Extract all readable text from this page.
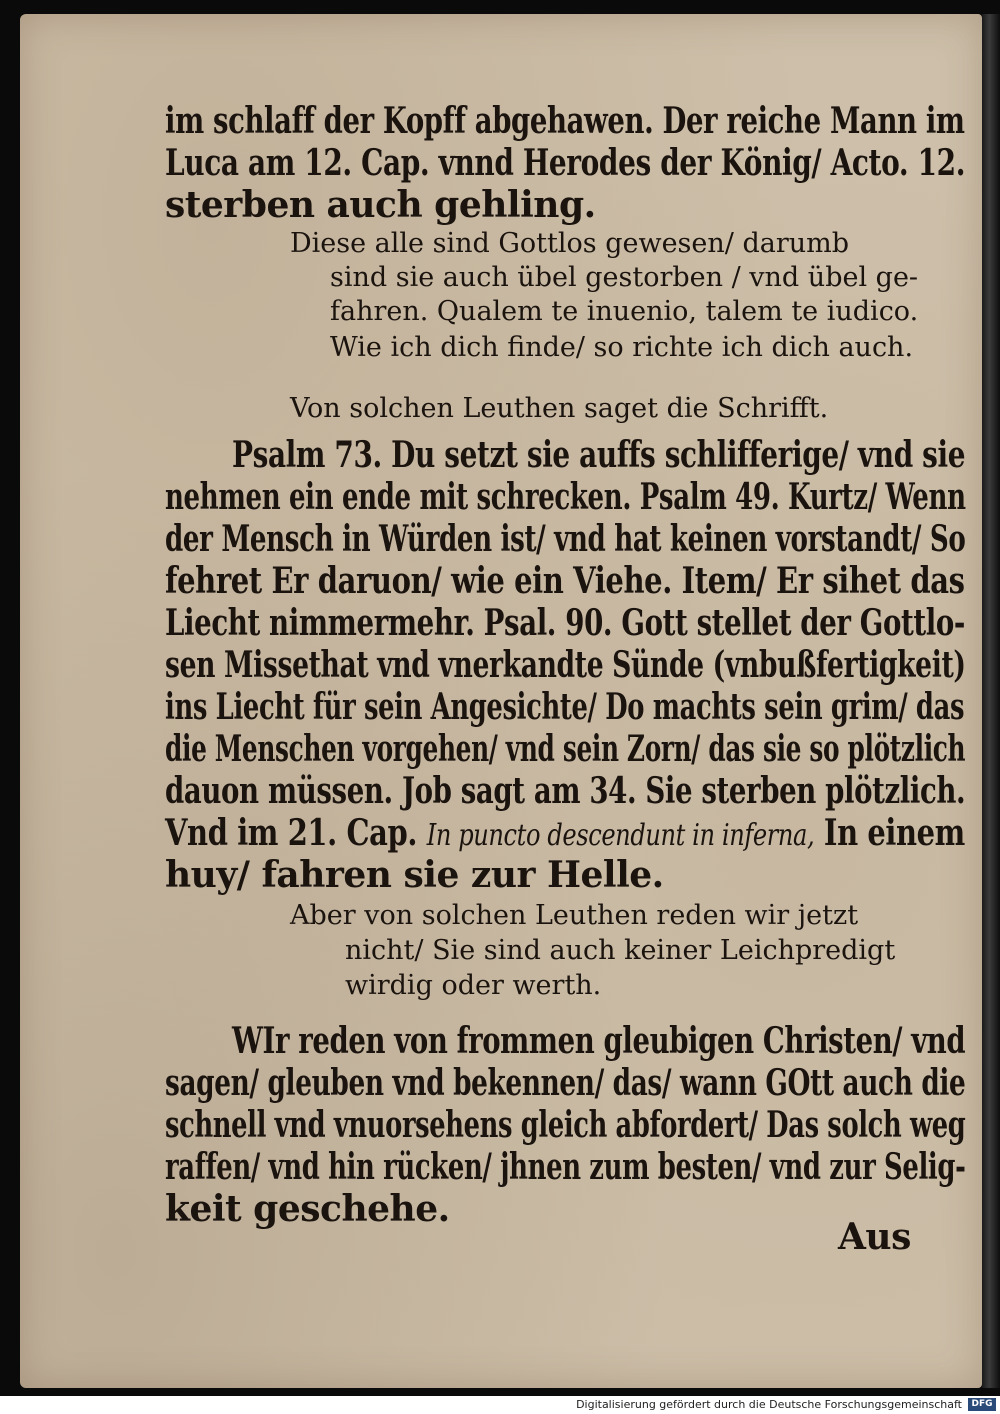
im schlaff der Kopff abgehawen. Der reiche Mann im
Luca am 12. Cap. vnnd Herodes der König/ Acto. 12.
sterben auch gehling.
Diese alle sind Gottlos gewesen/ darumb
sind sie auch übel gestorben / vnd übel ge-
fahren. Qualem te inuenio, talem te iudico.
Wie ich dich finde/ so richte ich dich auch.
Von solchen Leuthen saget die Schrifft.
Psalm 73. Du setzt sie auffs schlifferige/ vnd sie
nehmen ein ende mit schrecken. Psalm 49. Kurtz/ Wenn
der Mensch in Würden ist/ vnd hat keinen vorstandt/ So
fehret Er daruon/ wie ein Viehe. Item/ Er sihet das
Liecht nimmermehr. Psal. 90. Gott stellet der Gottlo-
sen Missethat vnd vnerkandte Sünde (vnbußfertigkeit)
ins Liecht für sein Angesichte/ Do machts sein grim/ das
die Menschen vorgehen/ vnd sein Zorn/ das sie so plötzlich
dauon müssen. Job sagt am 34. Sie sterben plötzlich.
Vnd im 21. Cap. In puncto descendunt in inferna, In einem
huy/ fahren sie zur Helle.
Aber von solchen Leuthen reden wir jetzt
nicht/ Sie sind auch keiner Leichpredigt
wirdig oder werth.
WIr reden von frommen gleubigen Christen/ vnd
sagen/ gleuben vnd bekennen/ das/ wann GOtt auch die
schnell vnd vnuorsehens gleich abfordert/ Das solch weg
raffen/ vnd hin rücken/ jhnen zum besten/ vnd zur Selig-
keit geschehe.
Aus
Digitalisierung gefördert durch die Deutsche Forschungsgemeinschaft	DFG
